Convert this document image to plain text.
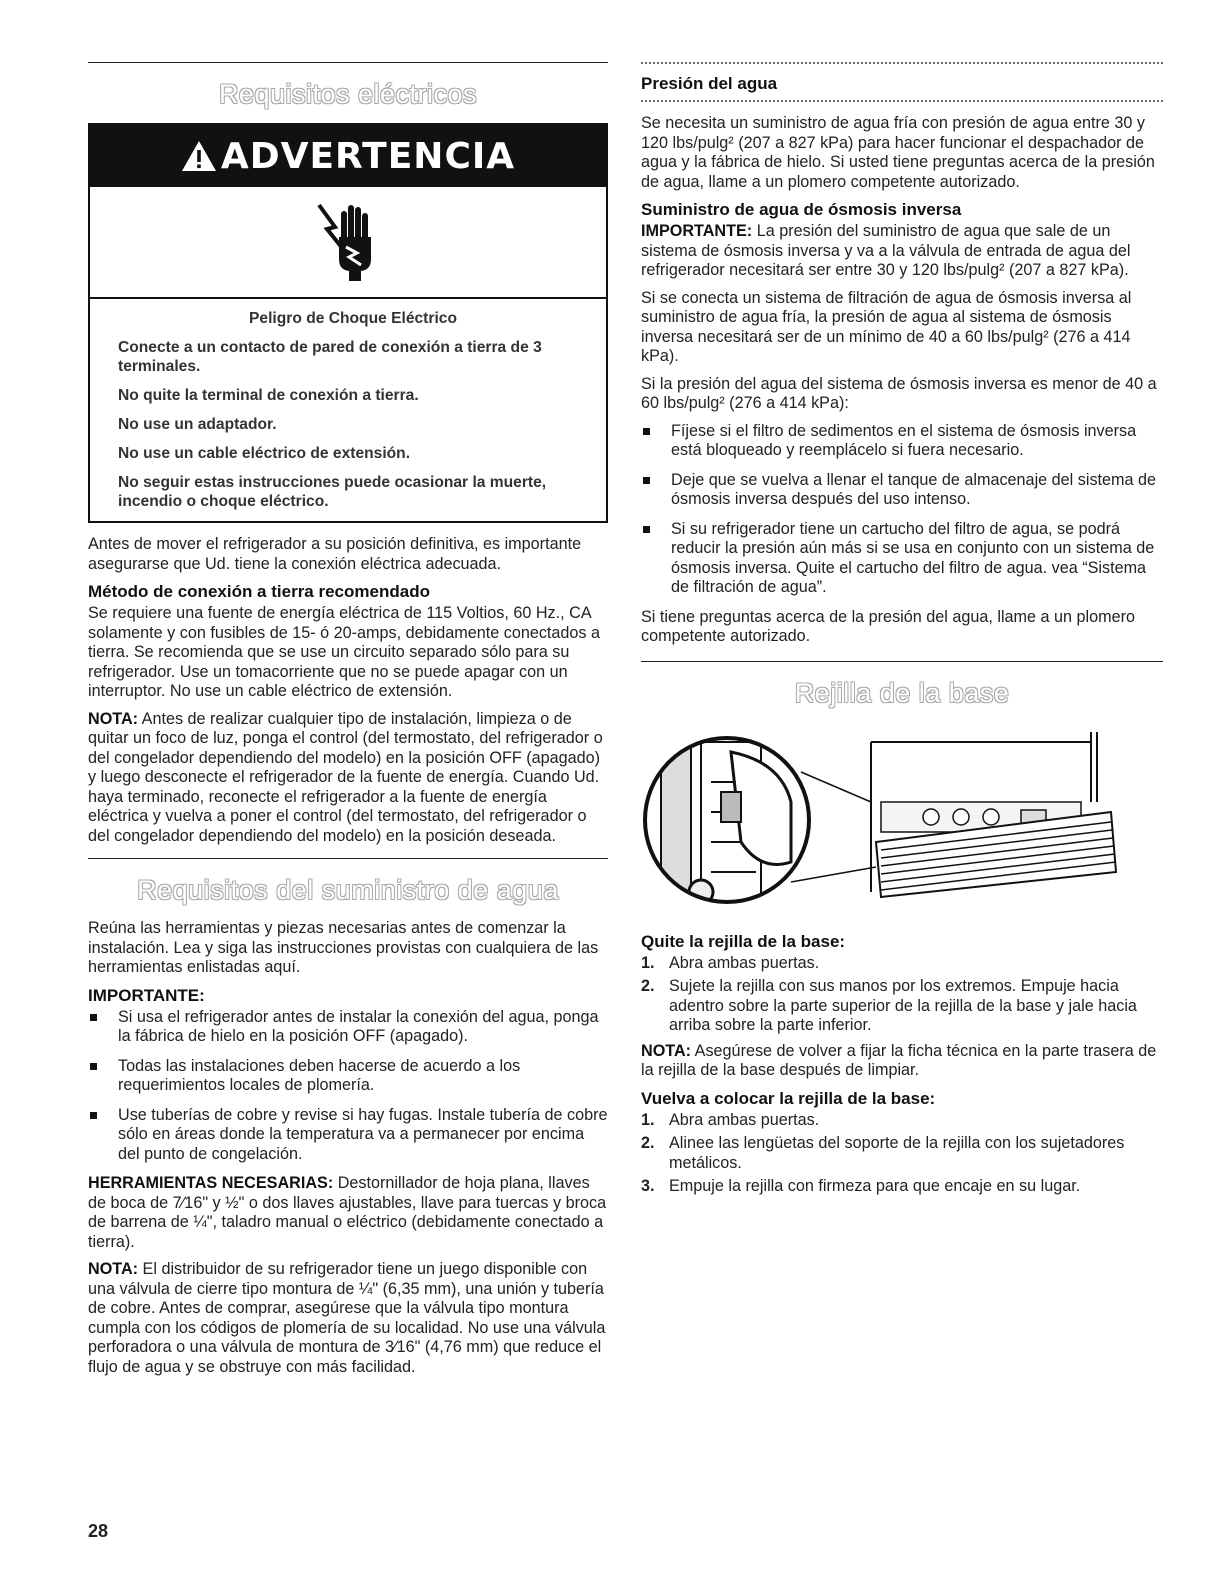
Requisitos eléctricos
ADVERTENCIA

Peligro de Choque Eléctrico

Conecte a un contacto de pared de conexión a tierra de 3 terminales.

No quite la terminal de conexión a tierra.

No use un adaptador.

No use un cable eléctrico de extensión.

No seguir estas instrucciones puede ocasionar la muerte, incendio o choque eléctrico.

Antes de mover el refrigerador a su posición definitiva, es importante asegurarse que Ud. tiene la conexión eléctrica adecuada.

Método de conexión a tierra recomendado

Se requiere una fuente de energía eléctrica de 115 Voltios, 60 Hz., CA solamente y con fusibles de 15- ó 20-amps, debidamente conectados a tierra. Se recomienda que se use un circuito separado sólo para su refrigerador. Use un tomacorriente que no se puede apagar con un interruptor. No use un cable eléctrico de extensión.

NOTA: Antes de realizar cualquier tipo de instalación, limpieza o de quitar un foco de luz, ponga el control (del termostato, del refrigerador o del congelador dependiendo del modelo) en la posición OFF (apagado) y luego desconecte el refrigerador de la fuente de energía. Cuando Ud. haya terminado, reconecte el refrigerador a la fuente de energía eléctrica y vuelva a poner el control (del termostato, del refrigerador o del congelador dependiendo del modelo) en la posición deseada.

Requisitos del suministro de agua

Reúna las herramientas y piezas necesarias antes de comenzar la instalación. Lea y siga las instrucciones provistas con cualquiera de las herramientas enlistadas aquí.

IMPORTANTE:
Si usa el refrigerador antes de instalar la conexión del agua, ponga la fábrica de hielo en la posición OFF (apagado).
Todas las instalaciones deben hacerse de acuerdo a los requerimientos locales de plomería.
Use tuberías de cobre y revise si hay fugas. Instale tubería de cobre sólo en áreas donde la temperatura va a permanecer por encima del punto de congelación.

HERRAMIENTAS NECESARIAS: Destornillador de hoja plana, llaves de boca de 7⁄16" y ½" o dos llaves ajustables, llave para tuercas y broca de barrena de ¼", taladro manual o eléctrico (debidamente conectado a tierra).

NOTA: El distribuidor de su refrigerador tiene un juego disponible con una válvula de cierre tipo montura de ¼" (6,35 mm), una unión y tubería de cobre. Antes de comprar, asegúrese que la válvula tipo montura cumpla con los códigos de plomería de su localidad. No use una válvula perforadora o una válvula de montura de 3⁄16" (4,76 mm) que reduce el flujo de agua y se obstruye con más facilidad.

Presión del agua

Se necesita un suministro de agua fría con presión de agua entre 30 y 120 lbs/pulg² (207 a 827 kPa) para hacer funcionar el despachador de agua y la fábrica de hielo. Si usted tiene preguntas acerca de la presión de agua, llame a un plomero competente autorizado.

Suministro de agua de ósmosis inversa

IMPORTANTE: La presión del suministro de agua que sale de un sistema de ósmosis inversa y va a la válvula de entrada de agua del refrigerador necesitará ser entre 30 y 120 lbs/pulg² (207 a 827 kPa).

Si se conecta un sistema de filtración de agua de ósmosis inversa al suministro de agua fría, la presión de agua al sistema de ósmosis inversa necesitará ser de un mínimo de 40 a 60 lbs/pulg² (276 a 414 kPa).

Si la presión del agua del sistema de ósmosis inversa es menor de 40 a 60 lbs/pulg² (276 a 414 kPa):

Fíjese si el filtro de sedimentos en el sistema de ósmosis inversa está bloqueado y reemplácelo si fuera necesario.
Deje que se vuelva a llenar el tanque de almacenaje del sistema de ósmosis inversa después del uso intenso.
Si su refrigerador tiene un cartucho del filtro de agua, se podrá reducir la presión aún más si se usa en conjunto con un sistema de ósmosis inversa. Quite el cartucho del filtro de agua. vea “Sistema de filtración de agua”.

Si tiene preguntas acerca de la presión del agua, llame a un plomero competente autorizado.

Rejilla de la base
Quite la rejilla de la base:
1. Abra ambas puertas.
2. Sujete la rejilla con sus manos por los extremos. Empuje hacia adentro sobre la parte superior de la rejilla de la base y jale hacia arriba sobre la parte inferior.

NOTA: Asegúrese de volver a fijar la ficha técnica en la parte trasera de la rejilla de la base después de limpiar.

Vuelva a colocar la rejilla de la base:
1. Abra ambas puertas.
2. Alinee las lengüetas del soporte de la rejilla con los sujetadores metálicos.
3. Empuje la rejilla con firmeza para que encaje en su lugar.
28
